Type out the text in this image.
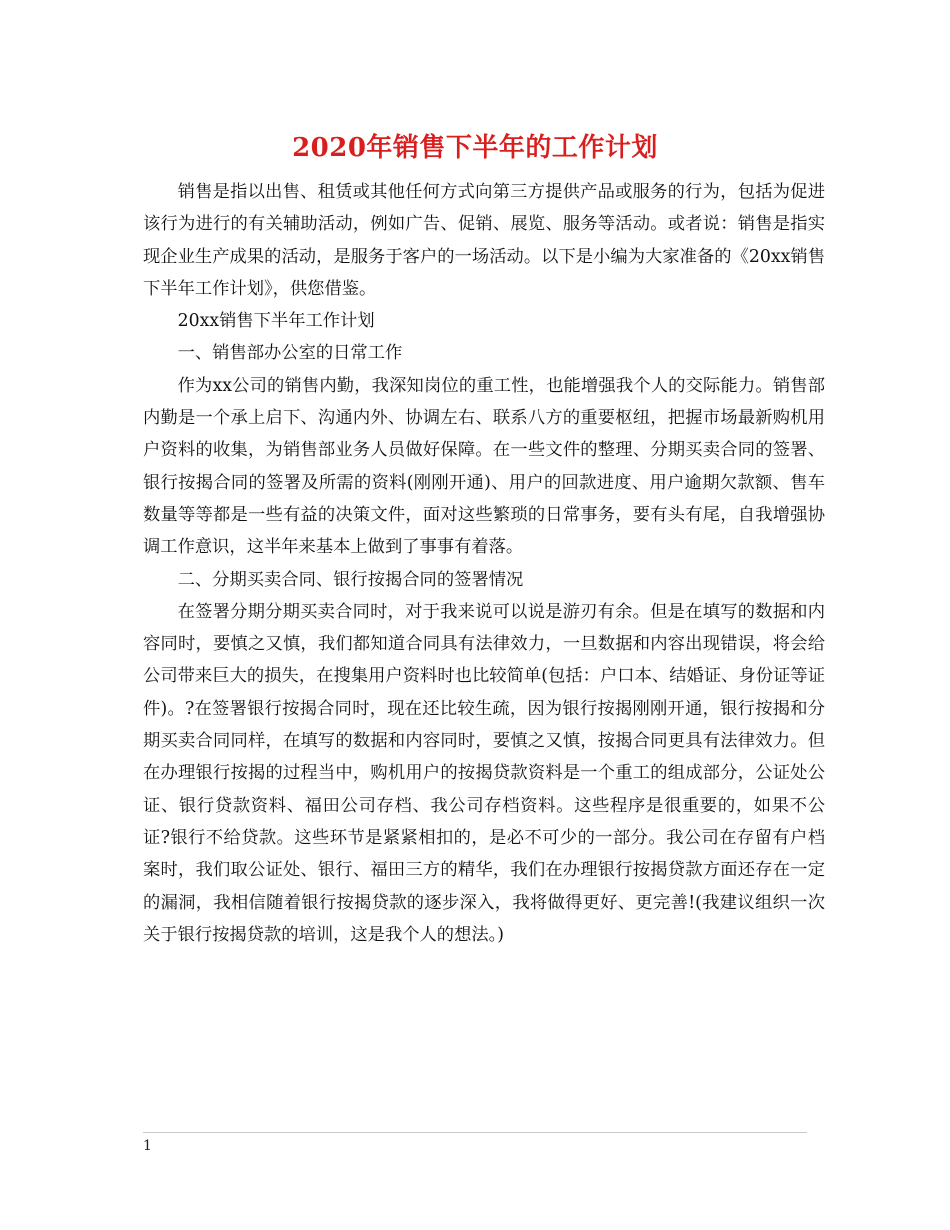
2020年销售下半年的工作计划

销售是指以出售、租赁或其他任何方式向第三方提供产品或服务的行为，包括为促进该行为进行的有关辅助活动，例如广告、促销、展览、服务等活动。或者说：销售是指实现企业生产成果的活动，是服务于客户的一场活动。以下是小编为大家准备的《20xx销售下半年工作计划》，供您借鉴。

20xx销售下半年工作计划

一、销售部办公室的日常工作

作为xx公司的销售内勤，我深知岗位的重工性，也能增强我个人的交际能力。销售部内勤是一个承上启下、沟通内外、协调左右、联系八方的重要枢纽，把握市场最新购机用户资料的收集，为销售部业务人员做好保障。在一些文件的整理、分期买卖合同的签署、银行按揭合同的签署及所需的资料(刚刚开通)、用户的回款进度、用户逾期欠款额、售车数量等等都是一些有益的决策文件，面对这些繁琐的日常事务，要有头有尾，自我增强协调工作意识，这半年来基本上做到了事事有着落。

二、分期买卖合同、银行按揭合同的签署情况

在签署分期分期买卖合同时，对于我来说可以说是游刃有余。但是在填写的数据和内容同时，要慎之又慎，我们都知道合同具有法律效力，一旦数据和内容出现错误，将会给公司带来巨大的损失，在搜集用户资料时也比较简单(包括：户口本、结婚证、身份证等证件)。?在签署银行按揭合同时，现在还比较生疏，因为银行按揭刚刚开通，银行按揭和分期买卖合同同样，在填写的数据和内容同时，要慎之又慎，按揭合同更具有法律效力。但在办理银行按揭的过程当中，购机用户的按揭贷款资料是一个重工的组成部分，公证处公证、银行贷款资料、福田公司存档、我公司存档资料。这些程序是很重要的，如果不公证?银行不给贷款。这些环节是紧紧相扣的，是必不可少的一部分。我公司在存留有户档案时，我们取公证处、银行、福田三方的精华，我们在办理银行按揭贷款方面还存在一定的漏洞，我相信随着银行按揭贷款的逐步深入，我将做得更好、更完善!(我建议组织一次关于银行按揭贷款的培训，这是我个人的想法。)

1
